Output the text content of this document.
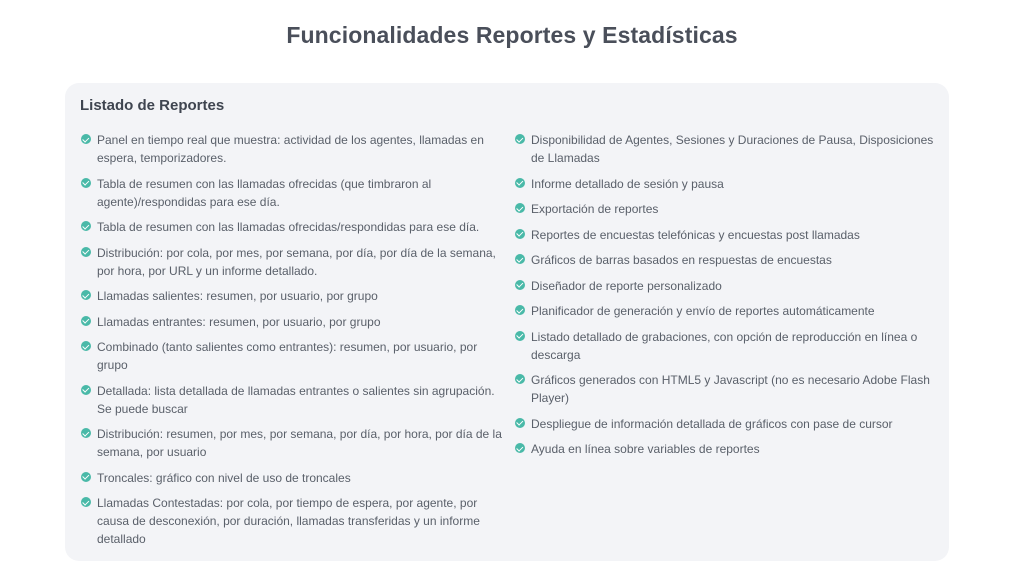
Funcionalidades Reportes y Estadísticas
Listado de Reportes
Panel en tiempo real que muestra: actividad de los agentes, llamadas en espera, temporizadores.
Tabla de resumen con las llamadas ofrecidas (que timbraron al agente)/respondidas para ese día.
Tabla de resumen con las llamadas ofrecidas/respondidas para ese día.
Distribución: por cola, por mes, por semana, por día, por día de la semana, por hora, por URL y un informe detallado.
Llamadas salientes: resumen, por usuario, por grupo
Llamadas entrantes: resumen, por usuario, por grupo
Combinado (tanto salientes como entrantes): resumen, por usuario, por grupo
Detallada: lista detallada de llamadas entrantes o salientes sin agrupación. Se puede buscar
Distribución: resumen, por mes, por semana, por día, por hora, por día de la semana, por usuario
Troncales: gráfico con nivel de uso de troncales
Llamadas Contestadas: por cola, por tiempo de espera, por agente, por causa de desconexión, por duración, llamadas transferidas y un informe detallado
Disponibilidad de Agentes, Sesiones y Duraciones de Pausa, Disposiciones de Llamadas
Informe detallado de sesión y pausa
Exportación de reportes
Reportes de encuestas telefónicas y encuestas post llamadas
Gráficos de barras basados en respuestas de encuestas
Diseñador de reporte personalizado
Planificador de generación y envío de reportes automáticamente
Listado detallado de grabaciones, con opción de reproducción en línea o descarga
Gráficos generados con HTML5 y Javascript (no es necesario Adobe Flash Player)
Despliegue de información detallada de gráficos con pase de cursor
Ayuda en línea sobre variables de reportes
